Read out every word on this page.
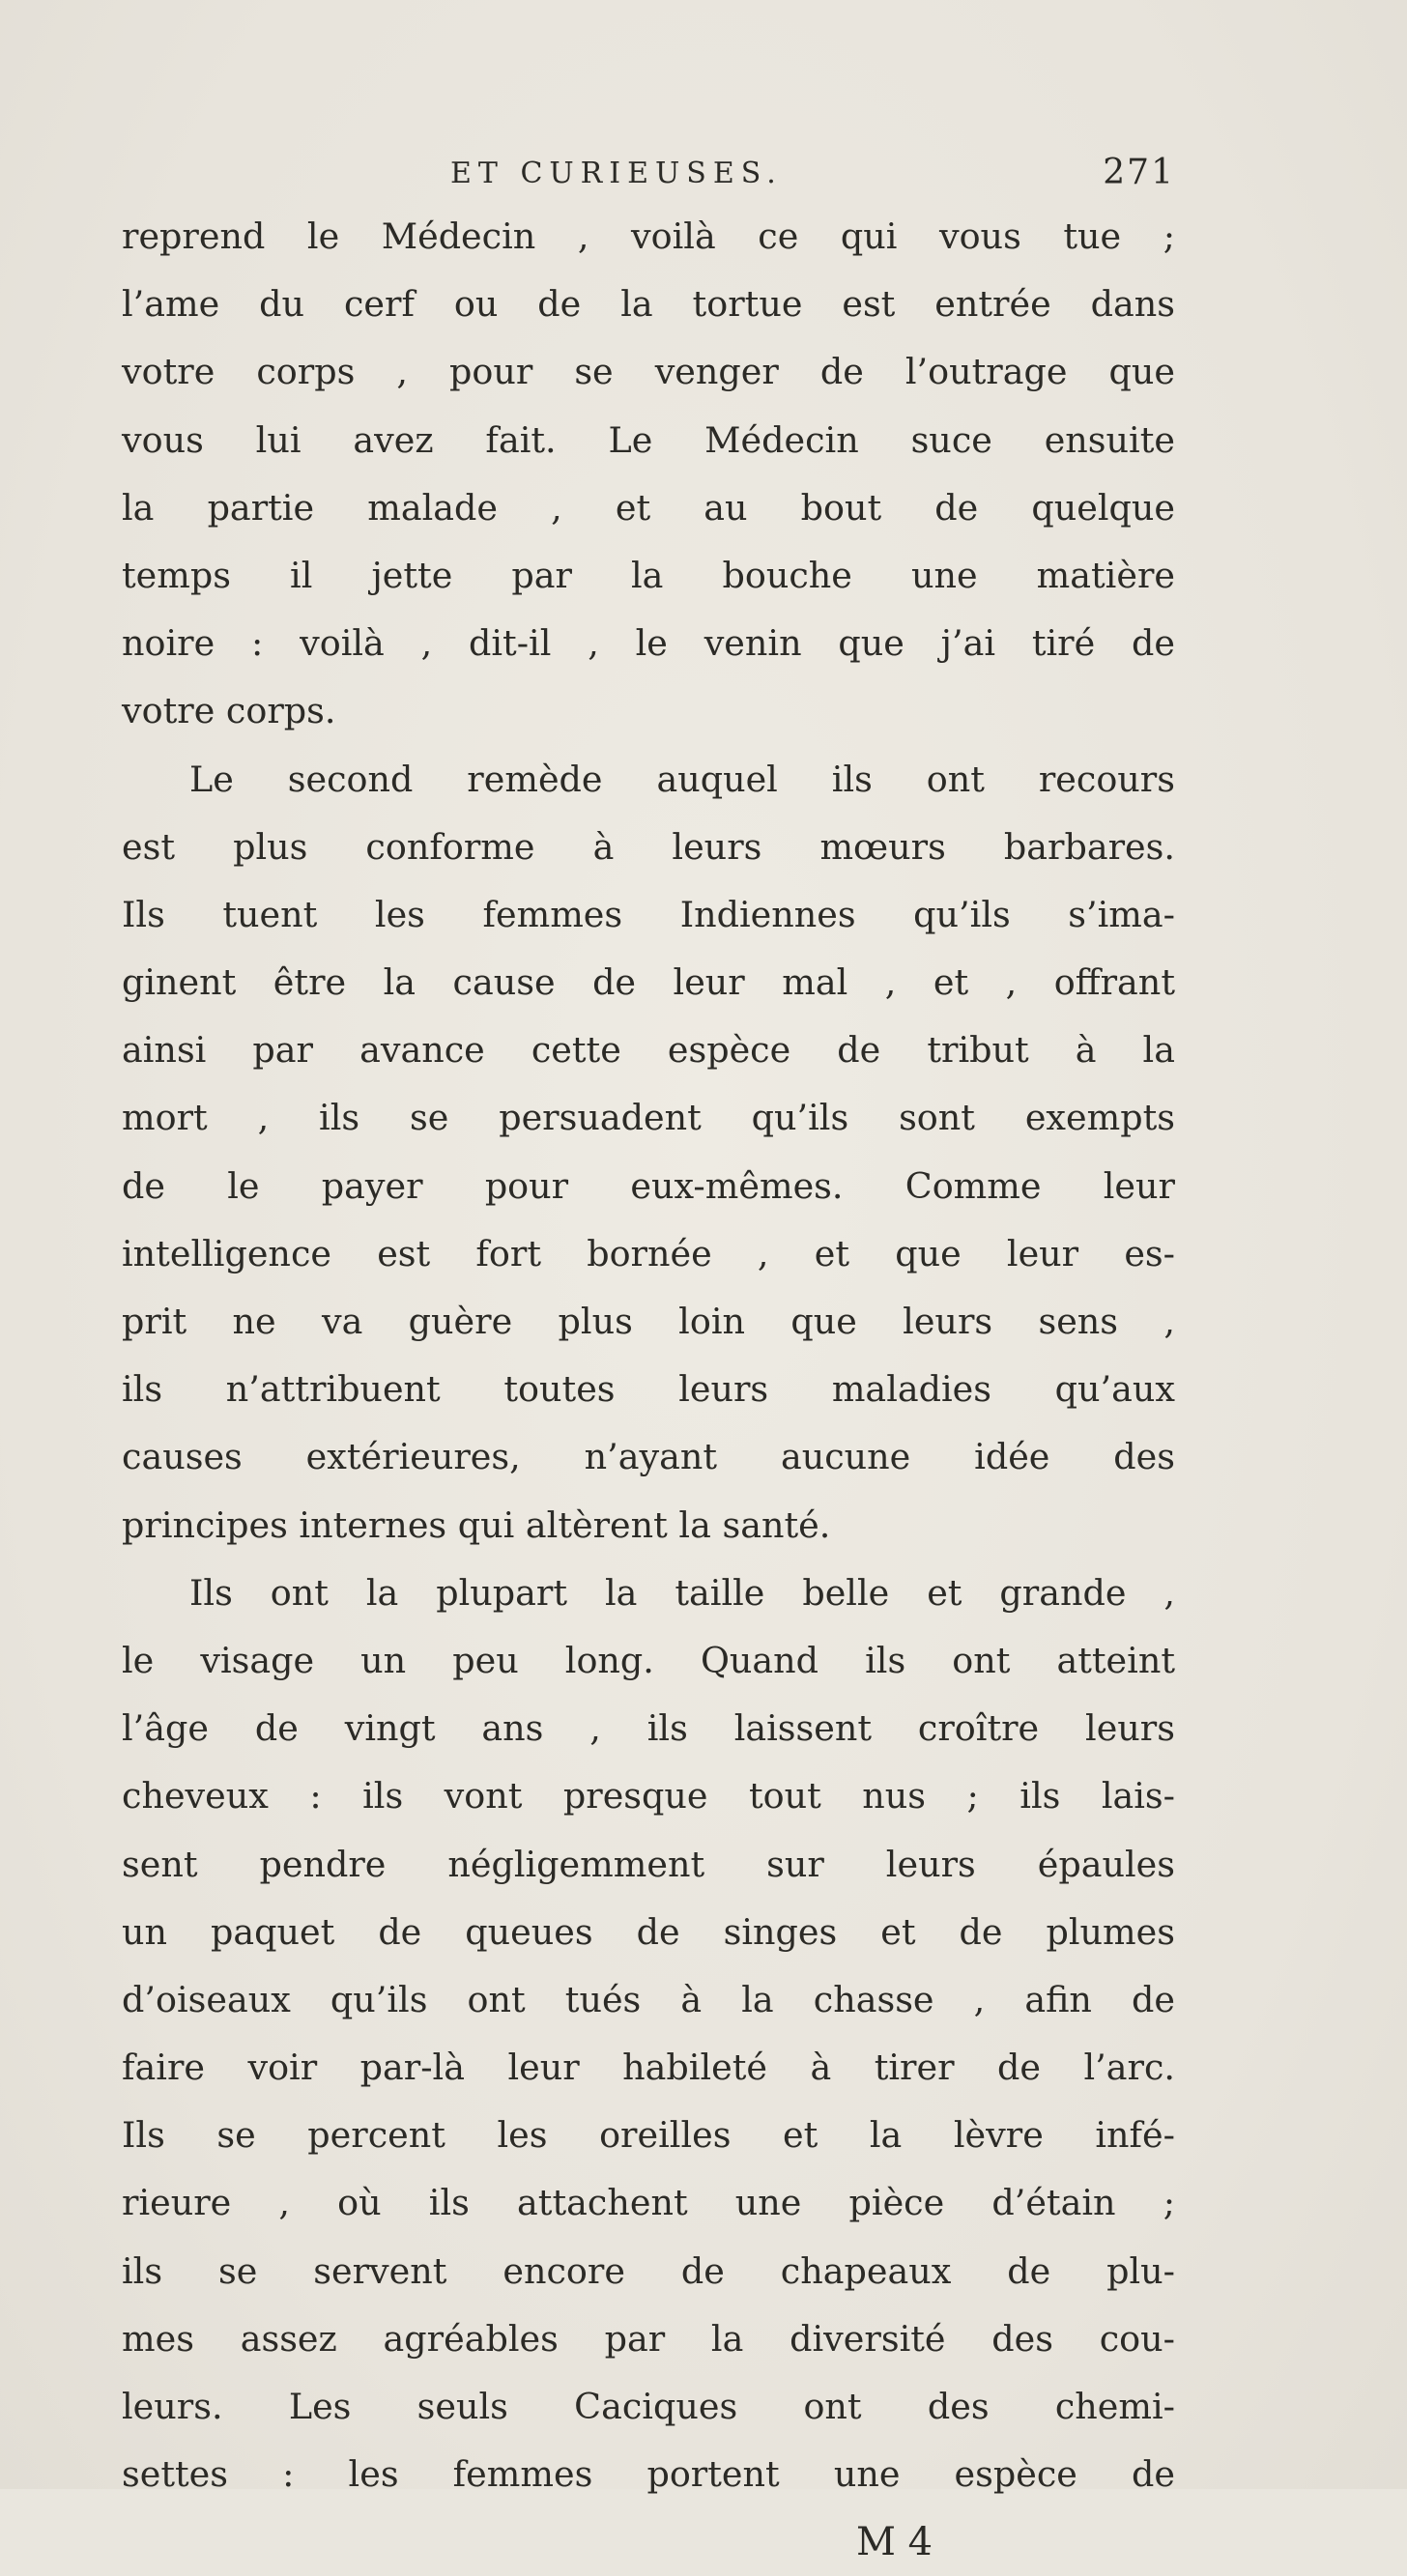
ET CURIEUSES.	271
reprend le Médecin , voilà ce qui vous tue ;
l’ame du cerf ou de la tortue est entrée dans
votre corps , pour se venger de l’outrage que
vous lui avez fait. Le Médecin suce ensuite
la partie malade , et au bout de quelque
temps il jette par la bouche une matière
noire : voilà , dit-il , le venin que j’ai tiré de
votre corps.
Le second remède auquel ils ont recours
est plus conforme à leurs mœurs barbares.
Ils tuent les femmes Indiennes qu’ils s’ima-
ginent être la cause de leur mal , et , offrant
ainsi par avance cette espèce de tribut à la
mort , ils se persuadent qu’ils sont exempts
de le payer pour eux-mêmes. Comme leur
intelligence est fort bornée , et que leur es-
prit ne va guère plus loin que leurs sens ,
ils n’attribuent toutes leurs maladies qu’aux
causes extérieures, n’ayant aucune idée des
principes internes qui altèrent la santé.
Ils ont la plupart la taille belle et grande ,
le visage un peu long. Quand ils ont atteint
l’âge de vingt ans , ils laissent croître leurs
cheveux : ils vont presque tout nus ; ils lais-
sent pendre négligemment sur leurs épaules
un paquet de queues de singes et de plumes
d’oiseaux qu’ils ont tués à la chasse , afin de
faire voir par-là leur habileté à tirer de l’arc.
Ils se percent les oreilles et la lèvre infé-
rieure , où ils attachent une pièce d’étain ;
ils se servent encore de chapeaux de plu-
mes assez agréables par la diversité des cou-
leurs. Les seuls Caciques ont des chemi-
settes : les femmes portent une espèce de
M 4
